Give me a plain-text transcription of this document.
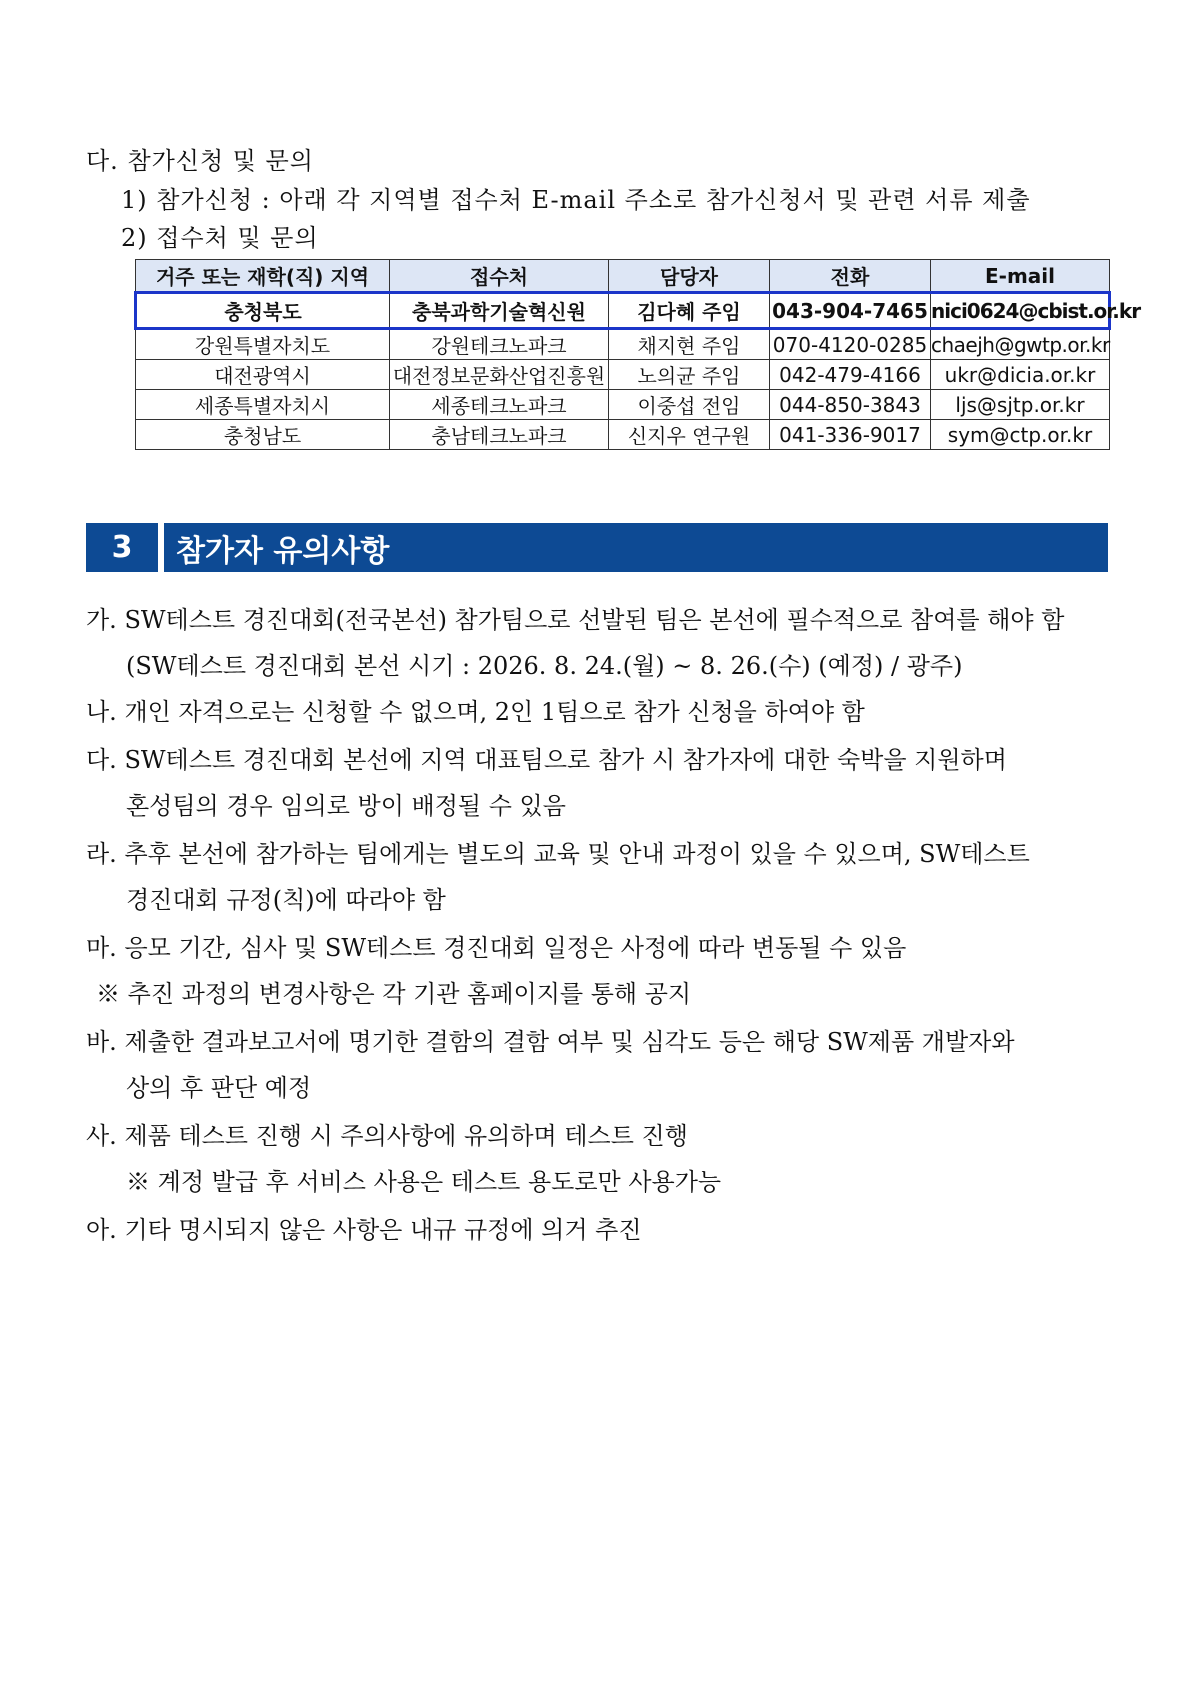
다. 참가신청 및 문의
1) 참가신청 : 아래 각 지역별 접수처 E-mail 주소로 참가신청서 및 관련 서류 제출
2) 접수처 및 문의
거주 또는 재학(직) 지역	접수처	담당자	전화	E-mail
충청북도	충북과학기술혁신원	김다혜 주임	043-904-7465	nici0624@cbist.or.kr
강원특별자치도	강원테크노파크	채지현 주임	070-4120-0285	chaejh@gwtp.or.kr
대전광역시	대전정보문화산업진흥원	노의균 주임	042-479-4166	ukr@dicia.or.kr
세종특별자치시	세종테크노파크	이중섭 전임	044-850-3843	ljs@sjtp.or.kr
충청남도	충남테크노파크	신지우 연구원	041-336-9017	sym@ctp.or.kr
3	참가자 유의사항
가. SW테스트 경진대회(전국본선) 참가팀으로 선발된 팀은 본선에 필수적으로 참여를 해야 함
(SW테스트 경진대회 본선 시기 : 2026. 8. 24.(월) ~ 8. 26.(수) (예정) / 광주)
나. 개인 자격으로는 신청할 수 없으며, 2인 1팀으로 참가 신청을 하여야 함
다. SW테스트 경진대회 본선에 지역 대표팀으로 참가 시 참가자에 대한 숙박을 지원하며
혼성팀의 경우 임의로 방이 배정될 수 있음
라. 추후 본선에 참가하는 팀에게는 별도의 교육 및 안내 과정이 있을 수 있으며, SW테스트
경진대회 규정(칙)에 따라야 함
마. 응모 기간, 심사 및 SW테스트 경진대회 일정은 사정에 따라 변동될 수 있음
※ 추진 과정의 변경사항은 각 기관 홈페이지를 통해 공지
바. 제출한 결과보고서에 명기한 결함의 결함 여부 및 심각도 등은 해당 SW제품 개발자와
상의 후 판단 예정
사. 제품 테스트 진행 시 주의사항에 유의하며 테스트 진행
※ 계정 발급 후 서비스 사용은 테스트 용도로만 사용가능
아. 기타 명시되지 않은 사항은 내규 규정에 의거 추진
